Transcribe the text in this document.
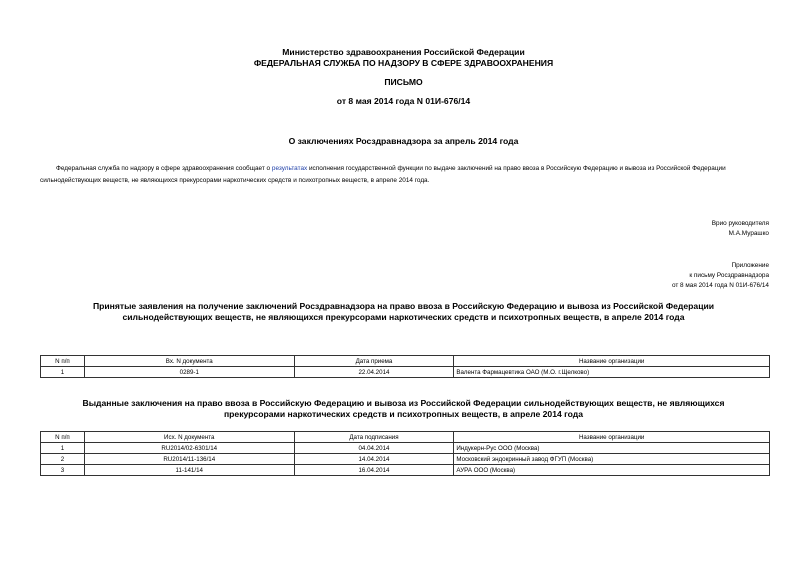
Министерство здравоохранения Российской Федерации
ФЕДЕРАЛЬНАЯ СЛУЖБА ПО НАДЗОРУ В СФЕРЕ ЗДРАВООХРАНЕНИЯ
ПИСЬМО
от 8 мая 2014 года N 01И-676/14
О заключениях Росздравнадзора за апрель 2014 года
Федеральная служба по надзору в сфере здравоохранения сообщает о результатах исполнения государственной функции по выдаче заключений на право ввоза в Российскую Федерацию и вывоза из Российской Федерации сильнодействующих веществ, не являющихся прекурсорами наркотических средств и психотропных веществ, в апреле 2014 года.
Врио руководителя
М.А.Мурашко
Приложение
к письму Росздравнадзора
от 8 мая 2014 года N 01И-676/14
Принятые заявления на получение заключений Росздравнадзора на право ввоза в Российскую Федерацию и вывоза из Российской Федерации
сильнодействующих веществ, не являющихся прекурсорами наркотических средств и психотропных веществ, в апреле 2014 года
N п/п	Вх. N документа	Дата приема	Название организации
1	0289-1	22.04.2014	Валента Фармацевтика ОАО (М.О. г.Щелково)
Выданные заключения на право ввоза в Российскую Федерацию и вывоза из Российской Федерации сильнодействующих веществ, не являющихся
прекурсорами наркотических средств и психотропных веществ, в апреле 2014 года
N п/п	Исх. N документа	Дата подписания	Название организации
1	RU2014/02-6301/14	04.04.2014	Индукерн-Рус ООО (Москва)
2	RU2014/11-136/14	14.04.2014	Московский эндокринный завод ФГУП (Москва)
3	11-141/14	16.04.2014	АУРА ООО (Москва)
